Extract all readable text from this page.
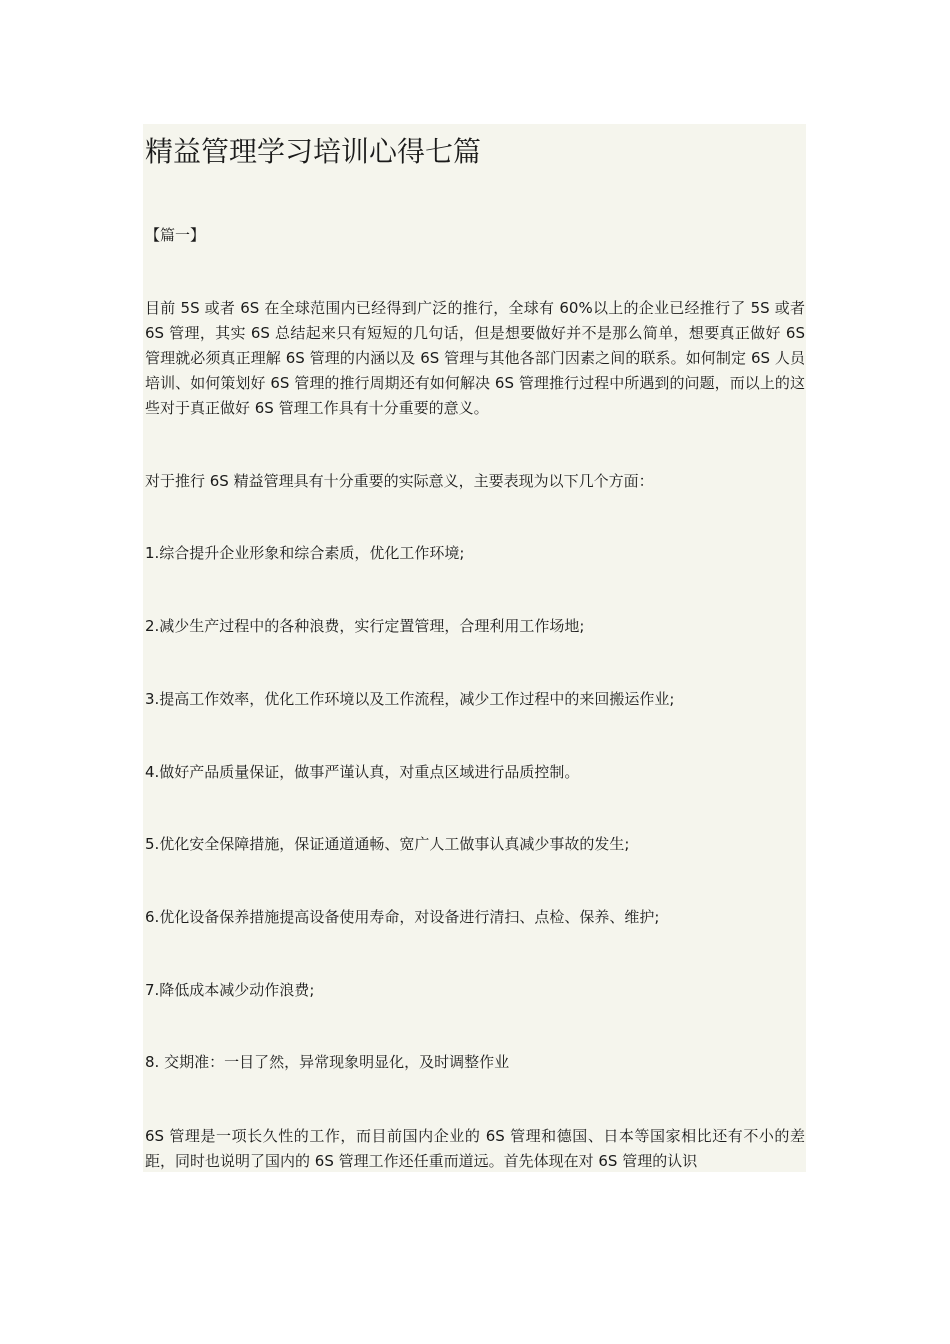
精益管理学习培训心得七篇
【篇一】

目前 5S 或者 6S 在全球范围内已经得到广泛的推行，全球有 60%以上的企业已经推行了 5S 或者 6S 管理，其实 6S 总结起来只有短短的几句话，但是想要做好并不是那么简单，想要真正做好 6S 管理就必须真正理解 6S 管理的内涵以及 6S 管理与其他各部门因素之间的联系。如何制定 6S 人员培训、如何策划好 6S 管理的推行周期还有如何解决 6S 管理推行过程中所遇到的问题，而以上的这些对于真正做好 6S 管理工作具有十分重要的意义。

对于推行 6S 精益管理具有十分重要的实际意义，主要表现为以下几个方面：
1.综合提升企业形象和综合素质，优化工作环境;
2.减少生产过程中的各种浪费，实行定置管理，合理利用工作场地;
3.提高工作效率，优化工作环境以及工作流程，减少工作过程中的来回搬运作业;
4.做好产品质量保证，做事严谨认真，对重点区域进行品质控制。
5.优化安全保障措施，保证通道通畅、宽广人工做事认真减少事故的发生;
6.优化设备保养措施提高设备使用寿命，对设备进行清扫、点检、保养、维护;
7.降低成本减少动作浪费;
8. 交期准：一目了然，异常现象明显化，及时调整作业

6S 管理是一项长久性的工作，而目前国内企业的 6S 管理和德国、日本等国家相比还有不小的差距，同时也说明了国内的 6S 管理工作还任重而道远。首先体现在对 6S 管理的认识
